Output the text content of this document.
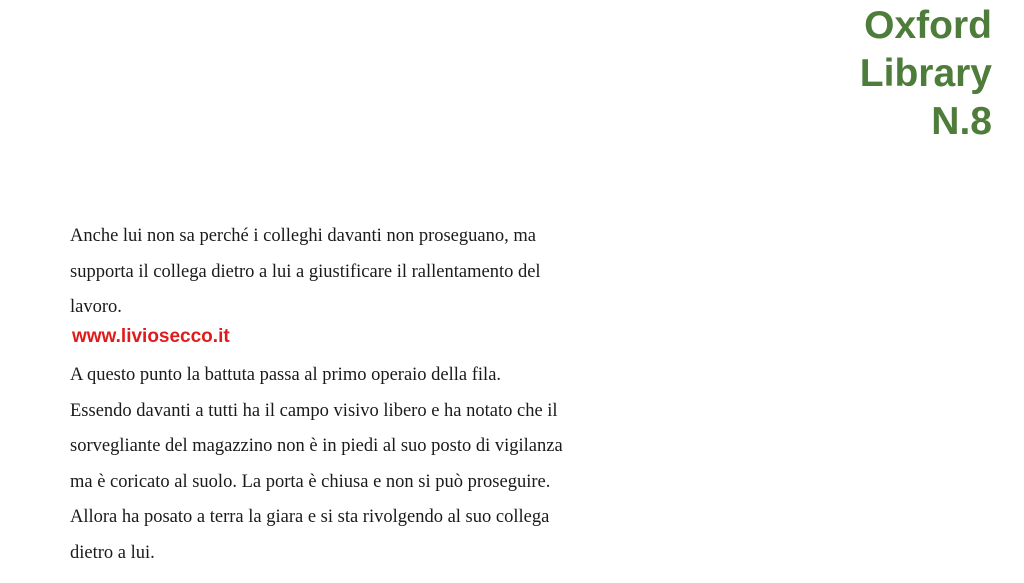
Oxford
Library
N.8
Anche lui non sa perché i colleghi davanti non proseguano, ma
supporta il collega dietro a lui a giustificare il rallentamento del
lavoro.
www.liviosecco.it
A questo punto la battuta passa al primo operaio della fila.
Essendo davanti a tutti ha il campo visivo libero e ha notato che il
sorvegliante del magazzino non è in piedi al suo posto di vigilanza
ma è coricato al suolo. La porta è chiusa e non si può proseguire.
Allora ha posato a terra la giara e si sta rivolgendo al suo collega
dietro a lui.
